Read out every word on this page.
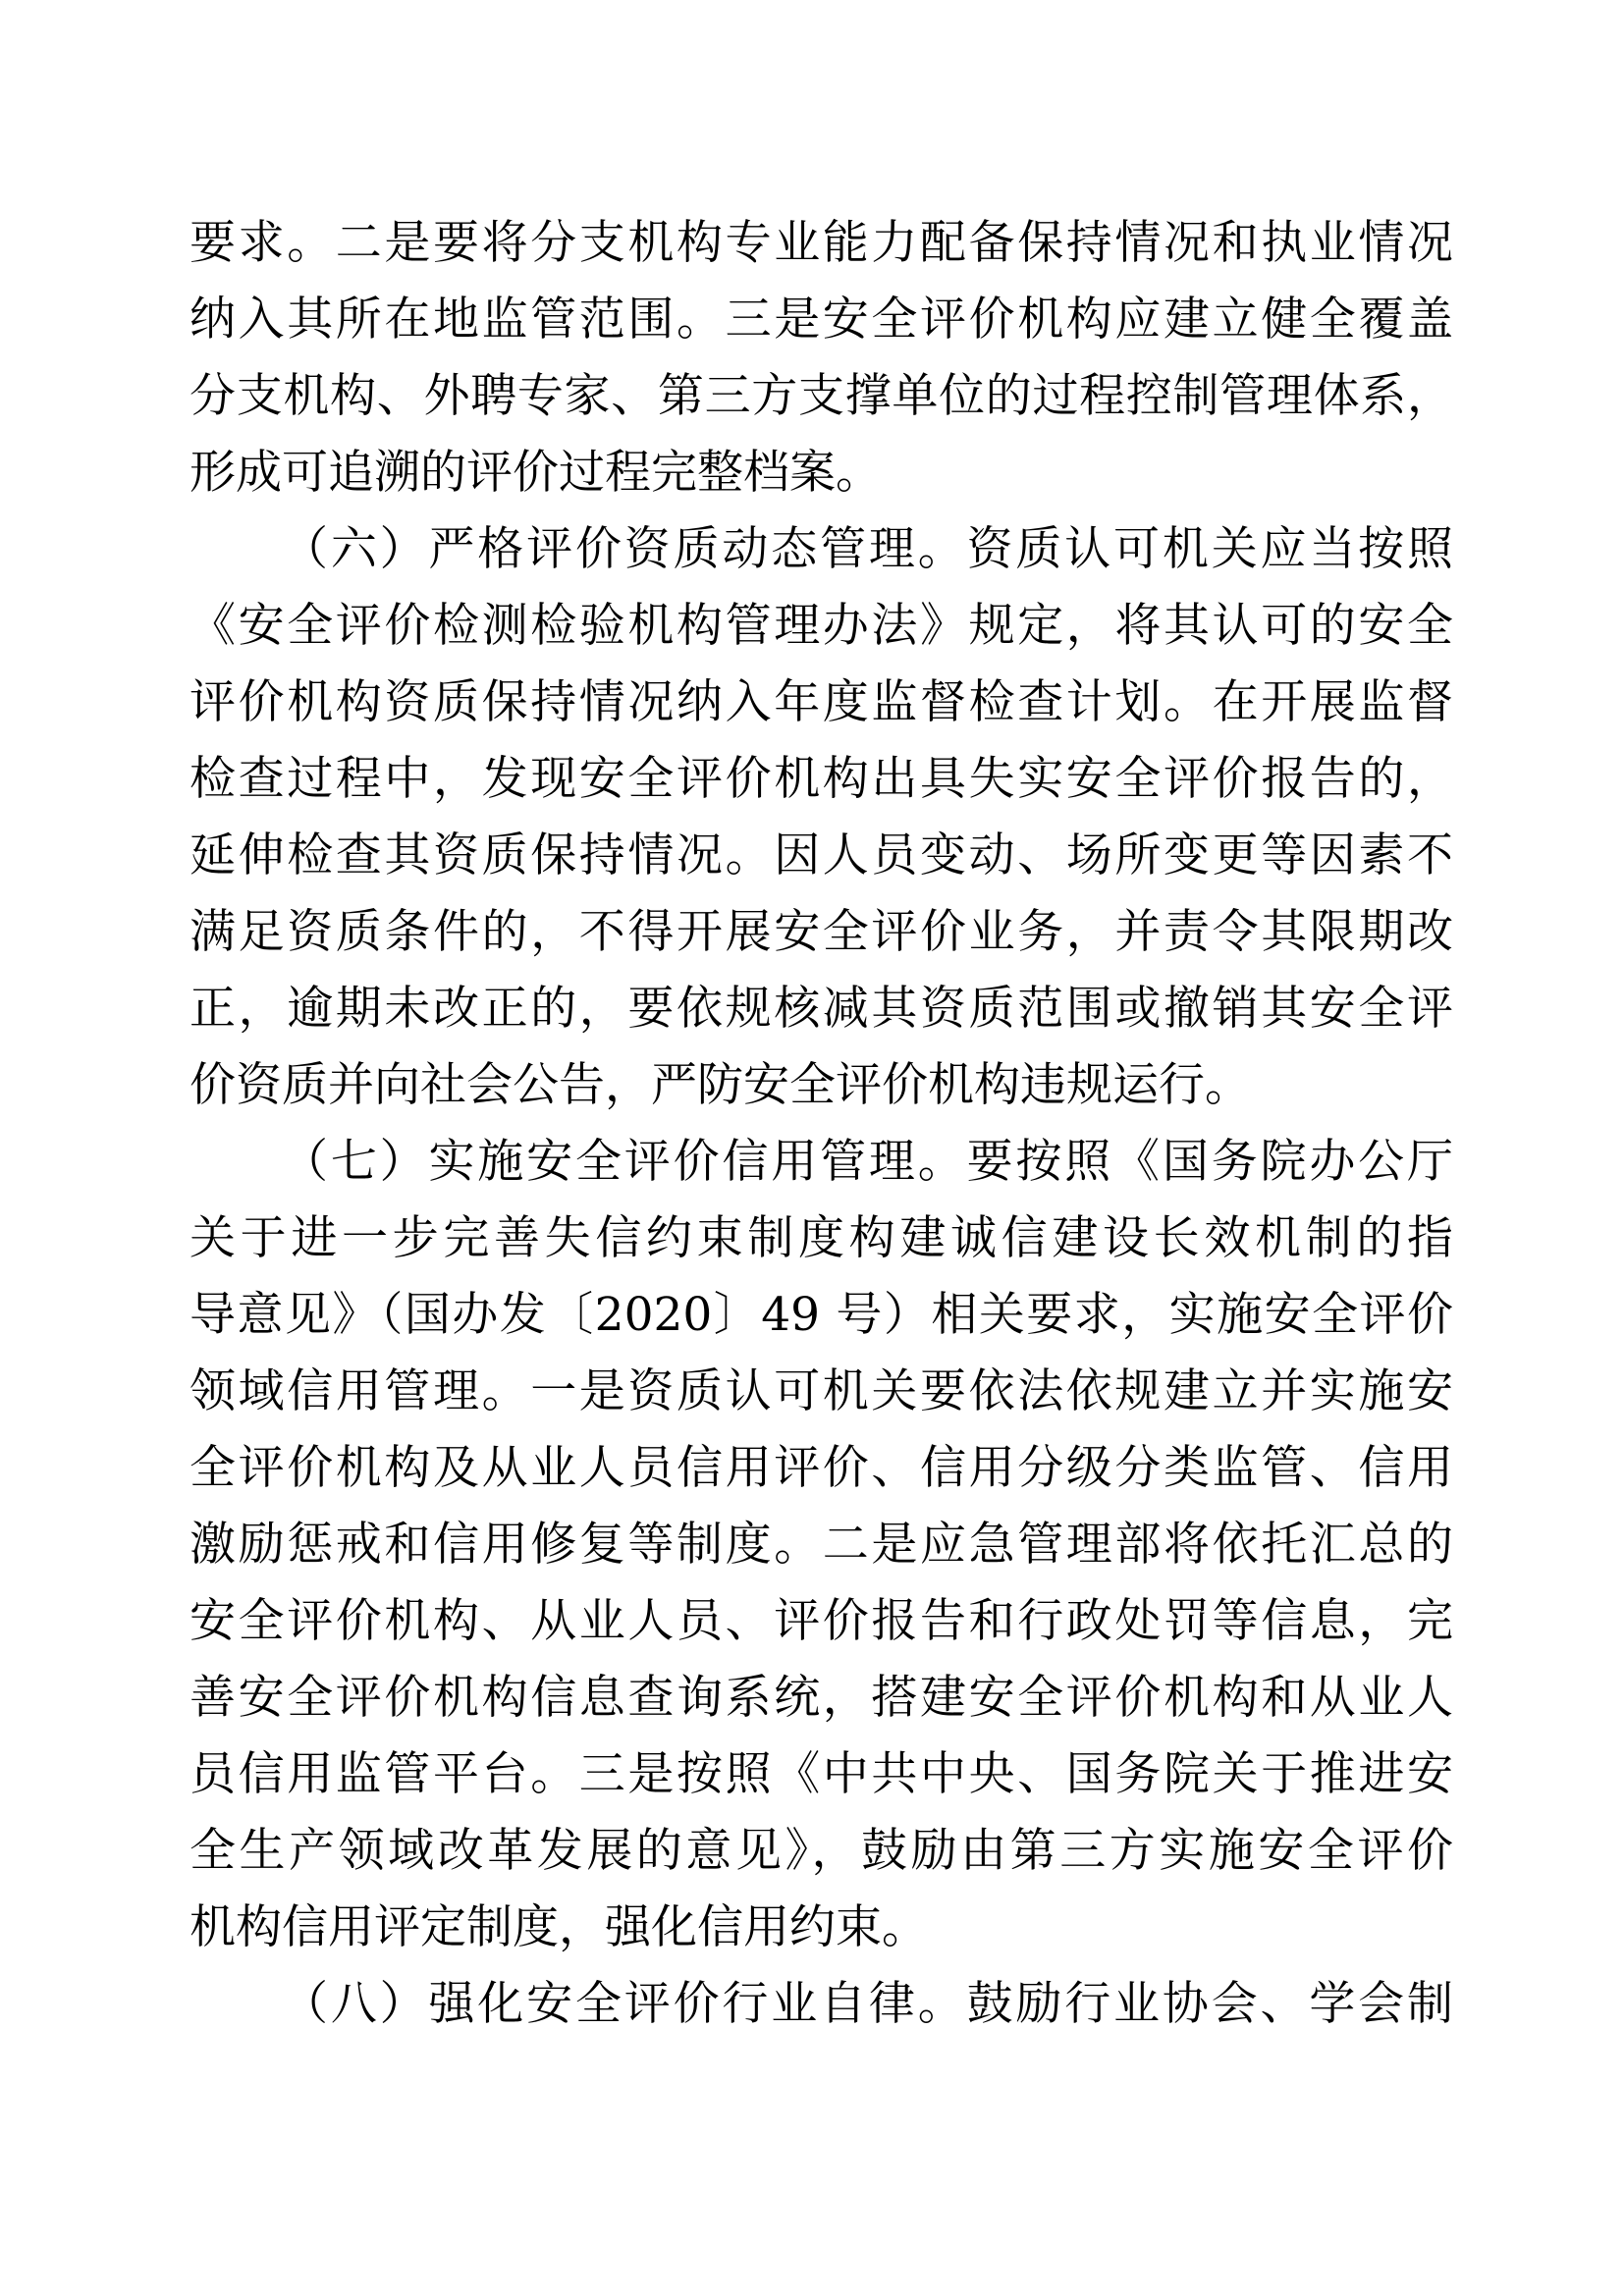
要求。二是要将分支机构专业能力配备保持情况和执业情况
纳入其所在地监管范围。三是安全评价机构应建立健全覆盖
分支机构、外聘专家、第三方支撑单位的过程控制管理体系，
形成可追溯的评价过程完整档案。
（六）严格评价资质动态管理。资质认可机关应当按照
《安全评价检测检验机构管理办法》规定，将其认可的安全
评价机构资质保持情况纳入年度监督检查计划。在开展监督
检查过程中，发现安全评价机构出具失实安全评价报告的，
延伸检查其资质保持情况。因人员变动、场所变更等因素不
满足资质条件的，不得开展安全评价业务，并责令其限期改
正，逾期未改正的，要依规核减其资质范围或撤销其安全评
价资质并向社会公告，严防安全评价机构违规运行。
（七）实施安全评价信用管理。要按照《国务院办公厅
关于进一步完善失信约束制度构建诚信建设长效机制的指
导意见》（国办发〔2020〕49 号）相关要求，实施安全评价
领域信用管理。一是资质认可机关要依法依规建立并实施安
全评价机构及从业人员信用评价、信用分级分类监管、信用
激励惩戒和信用修复等制度。二是应急管理部将依托汇总的
安全评价机构、从业人员、评价报告和行政处罚等信息，完
善安全评价机构信息查询系统，搭建安全评价机构和从业人
员信用监管平台。三是按照《中共中央、国务院关于推进安
全生产领域改革发展的意见》，鼓励由第三方实施安全评价
机构信用评定制度，强化信用约束。
（八）强化安全评价行业自律。鼓励行业协会、学会制
